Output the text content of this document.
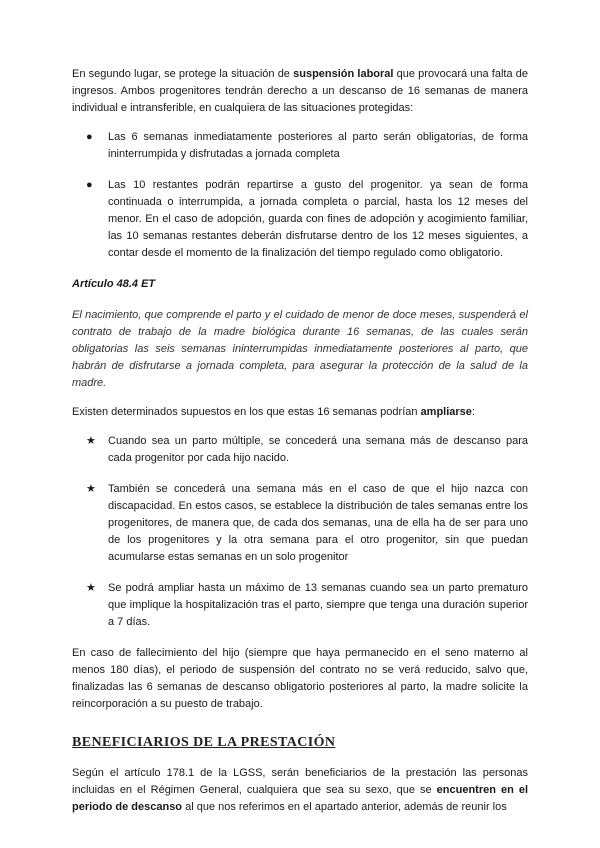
En segundo lugar, se protege la situación de suspensión laboral que provocará una falta de ingresos. Ambos progenitores tendrán derecho a un descanso de 16 semanas de manera individual e intransferible, en cualquiera de las situaciones protegidas:

●	Las 6 semanas inmediatamente posteriores al parto serán obligatorias, de forma ininterrumpida y disfrutadas a jornada completa
●	Las 10 restantes podrán repartirse a gusto del progenitor. ya sean de forma continuada o interrumpida, a jornada completa o parcial, hasta los 12 meses del menor. En el caso de adopción, guarda con fines de adopción y acogimiento familiar, las 10 semanas restantes deberán disfrutarse dentro de los 12 meses siguientes, a contar desde el momento de la finalización del tiempo regulado como obligatorio.

Artículo 48.4 ET

El nacimiento, que comprende el parto y el cuidado de menor de doce meses, suspenderá el contrato de trabajo de la madre biológica durante 16 semanas, de las cuales serán obligatorias las seis semanas ininterrumpidas inmediatamente posteriores al parto, que habrán de disfrutarse a jornada completa, para asegurar la protección de la salud de la madre.

Existen determinados supuestos en los que estas 16 semanas podrían ampliarse:

★	Cuando sea un parto múltiple, se concederá una semana más de descanso para cada progenitor por cada hijo nacido.
★	También se concederá una semana más en el caso de que el hijo nazca con discapacidad. En estos casos, se establece la distribución de tales semanas entre los progenitores, de manera que, de cada dos semanas, una de ella ha de ser para uno de los progenitores y la otra semana para el otro progenitor, sin que puedan acumularse estas semanas en un solo progenitor
★	Se podrá ampliar hasta un máximo de 13 semanas cuando sea un parto prematuro que implique la hospitalización tras el parto, siempre que tenga una duración superior a 7 días.

En caso de fallecimiento del hijo (siempre que haya permanecido en el seno materno al menos 180 días), el periodo de suspensión del contrato no se verá reducido, salvo que, finalizadas las 6 semanas de descanso obligatorio posteriores al parto, la madre solicite la reincorporación a su puesto de trabajo.

BENEFICIARIOS DE LA PRESTACIÓN

Según el artículo 178.1 de la LGSS, serán beneficiarios de la prestación las personas incluidas en el Régimen General, cualquiera que sea su sexo, que se encuentren en el periodo de descanso al que nos referimos en el apartado anterior, además de reunir los
